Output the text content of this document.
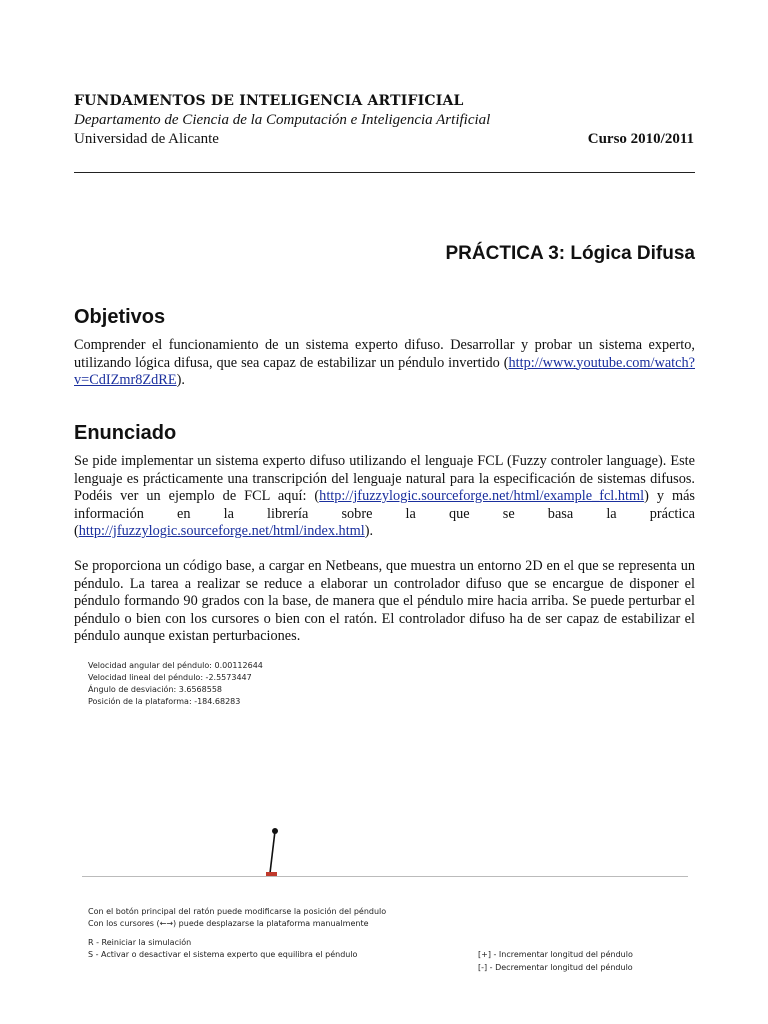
FUNDAMENTOS DE INTELIGENCIA ARTIFICIAL
Departamento de Ciencia de la Computación e Inteligencia Artificial
Universidad de Alicante	Curso 2010/2011
PRÁCTICA 3: Lógica Difusa
Objetivos
Comprender el funcionamiento de un sistema experto difuso. Desarrollar y probar un sistema experto, utilizando lógica difusa, que sea capaz de estabilizar un péndulo invertido (http://www.youtube.com/watch?v=CdIZmr8ZdRE).
Enunciado
Se pide implementar un sistema experto difuso utilizando el lenguaje FCL (Fuzzy controler language). Este lenguaje es prácticamente una transcripción del lenguaje natural para la especificación de sistemas difusos. Podéis ver un ejemplo de FCL aquí: (http://jfuzzylogic.sourceforge.net/html/example_fcl.html) y más información en la librería sobre la que se basa la práctica (http://jfuzzylogic.sourceforge.net/html/index.html).
Se proporciona un código base, a cargar en Netbeans, que muestra un entorno 2D en el que se representa un péndulo. La tarea a realizar se reduce a elaborar un controlador difuso que se encargue de disponer el péndulo formando 90 grados con la base, de manera que el péndulo mire hacia arriba. Se puede perturbar el péndulo o bien con los cursores o bien con el ratón. El controlador difuso ha de ser capaz de estabilizar el péndulo aunque existan perturbaciones.
Velocidad angular del péndulo: 0.00112644
Velocidad lineal del péndulo: -2.5573447
Ángulo de desviación: 3.6568558
Posición de la plataforma: -184.68283
Con el botón principal del ratón puede modificarse la posición del péndulo
Con los cursores (←→) puede desplazarse la plataforma manualmente
R - Reiniciar la simulación
S - Activar o desactivar el sistema experto que equilibra el péndulo	[+] - Incrementar longitud del péndulo
[-] - Decrementar longitud del péndulo
